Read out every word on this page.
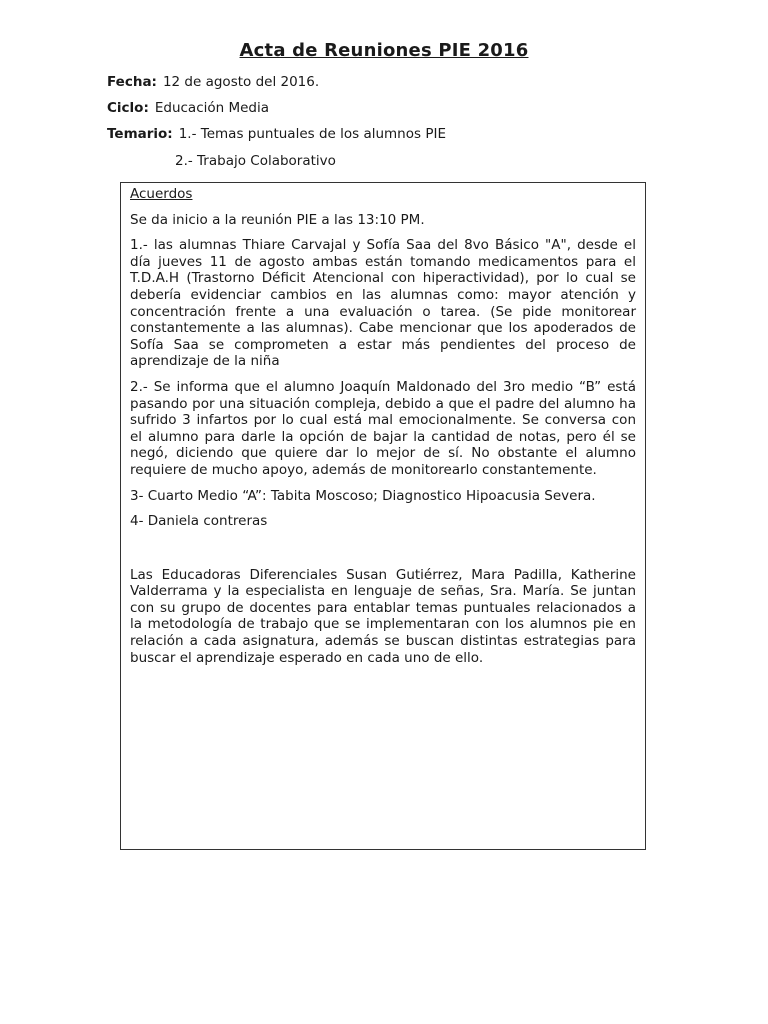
Acta de Reuniones PIE 2016
Fecha: 12 de agosto del 2016.
Ciclo: Educación Media
Temario: 1.- Temas puntuales de los alumnos PIE
2.- Trabajo Colaborativo

Acuerdos

Se da inicio a la reunión PIE a las 13:10 PM.

1.- las alumnas Thiare Carvajal y Sofía Saa del 8vo Básico "A", desde el día jueves 11 de agosto ambas están tomando medicamentos para el T.D.A.H (Trastorno Déficit Atencional con hiperactividad), por lo cual se debería evidenciar cambios en las alumnas como: mayor atención y concentración frente a una evaluación o tarea. (Se pide monitorear constantemente a las alumnas). Cabe mencionar que los apoderados de Sofía Saa se comprometen a estar más pendientes del proceso de aprendizaje de la niña

2.- Se informa que el alumno Joaquín Maldonado del 3ro medio “B” está pasando por una situación compleja, debido a que el padre del alumno ha sufrido 3 infartos por lo cual está mal emocionalmente. Se conversa con el alumno para darle la opción de bajar la cantidad de notas, pero él se negó, diciendo que quiere dar lo mejor de sí. No obstante el alumno requiere de mucho apoyo, además de monitorearlo constantemente.

3- Cuarto Medio “A”: Tabita Moscoso; Diagnostico Hipoacusia Severa.

4- Daniela contreras

Las Educadoras Diferenciales Susan Gutiérrez, Mara Padilla, Katherine Valderrama y la especialista en lenguaje de señas, Sra. María. Se juntan con su grupo de docentes para entablar temas puntuales relacionados a la metodología de trabajo que se implementaran con los alumnos pie en relación a cada asignatura, además se buscan distintas estrategias para buscar el aprendizaje esperado en cada uno de ello.
